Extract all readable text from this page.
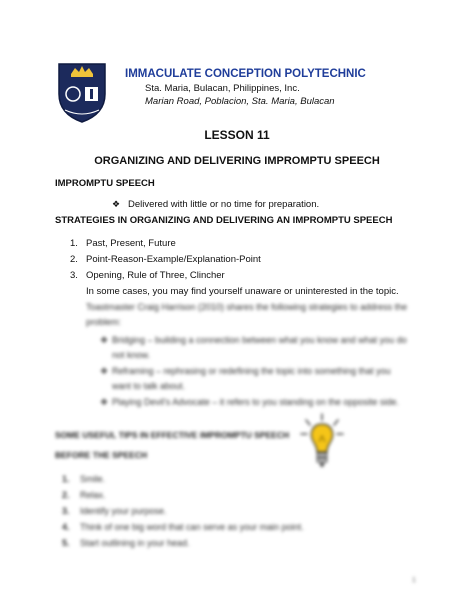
IMMACULATE CONCEPTION POLYTECHNIC
Sta. Maria, Bulacan, Philippines, Inc.
Marian Road, Poblacion, Sta. Maria, Bulacan
LESSON 11
ORGANIZING AND DELIVERING IMPROMPTU SPEECH
IMPROMPTU SPEECH
❖ Delivered with little or no time for preparation.
STRATEGIES IN ORGANIZING AND DELIVERING AN IMPROMPTU SPEECH
1. Past, Present, Future
2. Point-Reason-Example/Explanation-Point
3. Opening, Rule of Three, Clincher
In some cases, you may find yourself unaware or uninterested in the topic.
Toastmaster Craig Harrison (2010) shares the following strategies to address the
problem:
❖ Bridging – building a connection between what you know and what you do
not know.
❖ Reframing – rephrasing or redefining the topic into something that you
want to talk about.
❖ Playing Devil's Advocate – it refers to you standing on the opposite side.
SOME USEFUL TIPS IN EFFECTIVE IMPROMPTU SPEECH
BEFORE THE SPEECH
1. Smile.
2. Relax.
3. Identify your purpose.
4. Think of one big word that can serve as your main point.
5. Start outlining in your head.
1
